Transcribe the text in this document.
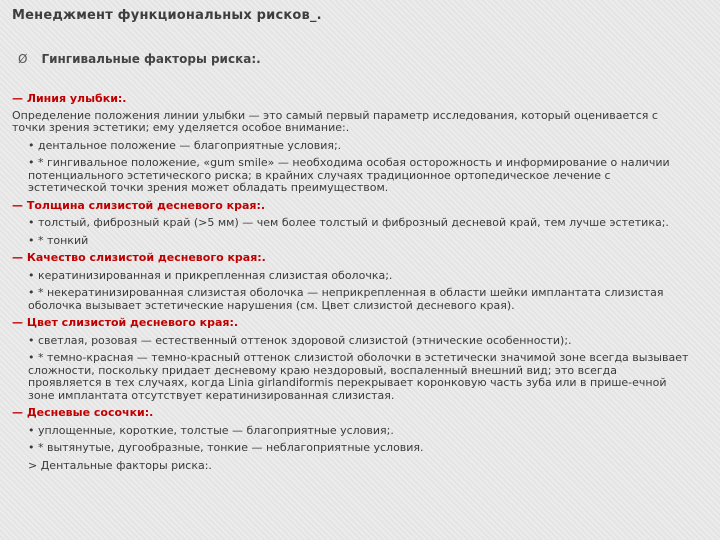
Менеджмент функциональных рисков_.
Ø Гингивальные факторы риска:.

— Линия улыбки:.

Определение положения линии улыбки — это самый первый параметр исследования, который оценивается с точки зрения эстетики; ему уделяется особое внимание:.

• дентальное положение — благоприятные условия;.

• * гингивальное положение, «gum smile» — необходима особая осторожность и информирование о наличии потенциального эстетического риска; в крайних случаях традиционное ортопедическое лечение с эстетической точки зрения может обладать преимуществом.

— Толщина слизистой десневого края:.

• толстый, фиброзный край (>5 мм) — чем более толстый и фиброзный десневой край, тем лучше эстетика;.

• * тонкий

— Качество слизистой десневого края:.

• кератинизированная и прикрепленная слизистая оболочка;.

• * некератинизированная слизистая оболочка — неприкрепленная в области шейки имплантата слизистая оболочка вызывает эстетические нарушения (см. Цвет слизистой десневого края).

— Цвет слизистой десневого края:.

• светлая, розовая — естественный оттенок здоровой слизистой (этнические особенности);.

• * темно-красная — темно-красный оттенок слизистой оболочки в эстетически значимой зоне всегда вызывает сложности, поскольку придает десневому краю нездоровый, воспаленный внешний вид; это всегда проявляется в тех случаях, когда Linia girlandiformis перекрывает коронковую часть зуба или в прише-ечной зоне имплантата отсутствует кератинизированная слизистая.

— Десневые сосочки:.

• уплощенные, короткие, толстые — благоприятные условия;.

• * вытянутые, дугообразные, тонкие — неблагоприятные условия.

> Дентальные факторы риска:.
